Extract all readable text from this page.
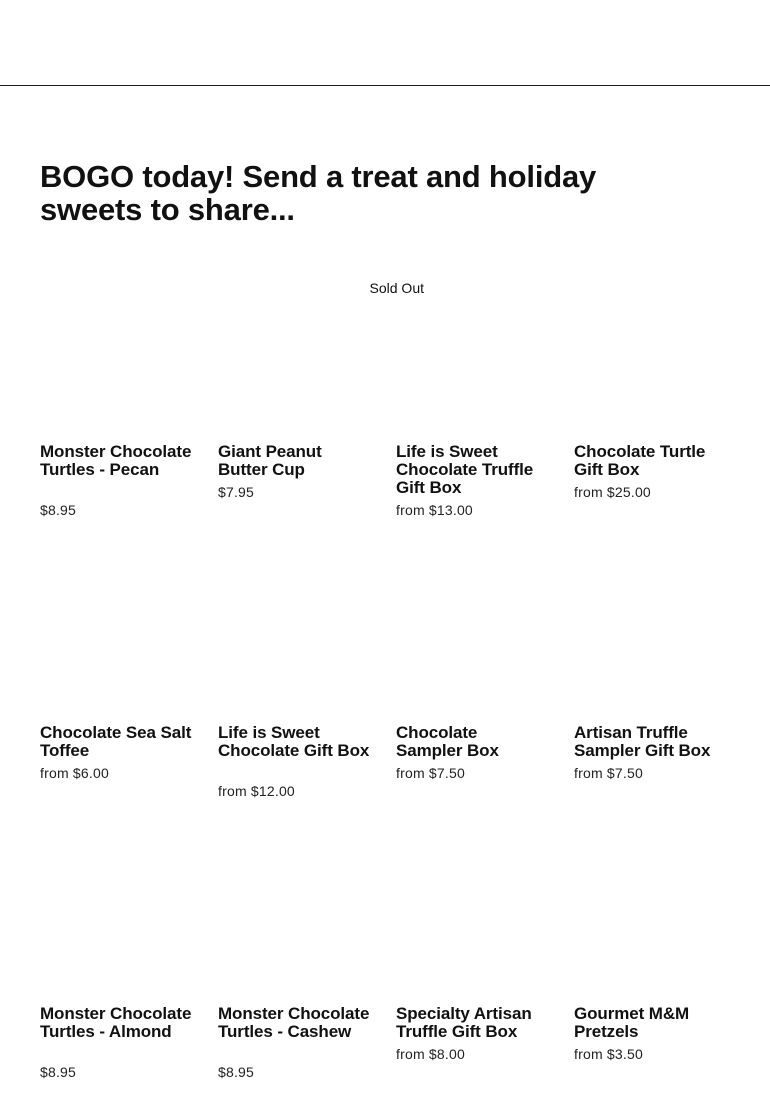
BOGO today! Send a treat and holiday sweets to share...
Monster Chocolate Turtles - Pecan
$8.95
Sold Out
Giant Peanut Butter Cup
$7.95
Life is Sweet Chocolate Truffle Gift Box
from $13.00
Chocolate Turtle Gift Box
from $25.00
Chocolate Sea Salt Toffee
from $6.00
Life is Sweet Chocolate Gift Box
from $12.00
Chocolate Sampler Box
from $7.50
Artisan Truffle Sampler Gift Box
from $7.50
Monster Chocolate Turtles - Almond
$8.95
Monster Chocolate Turtles - Cashew
$8.95
Specialty Artisan Truffle Gift Box
from $8.00
Gourmet M&M Pretzels
from $3.50
